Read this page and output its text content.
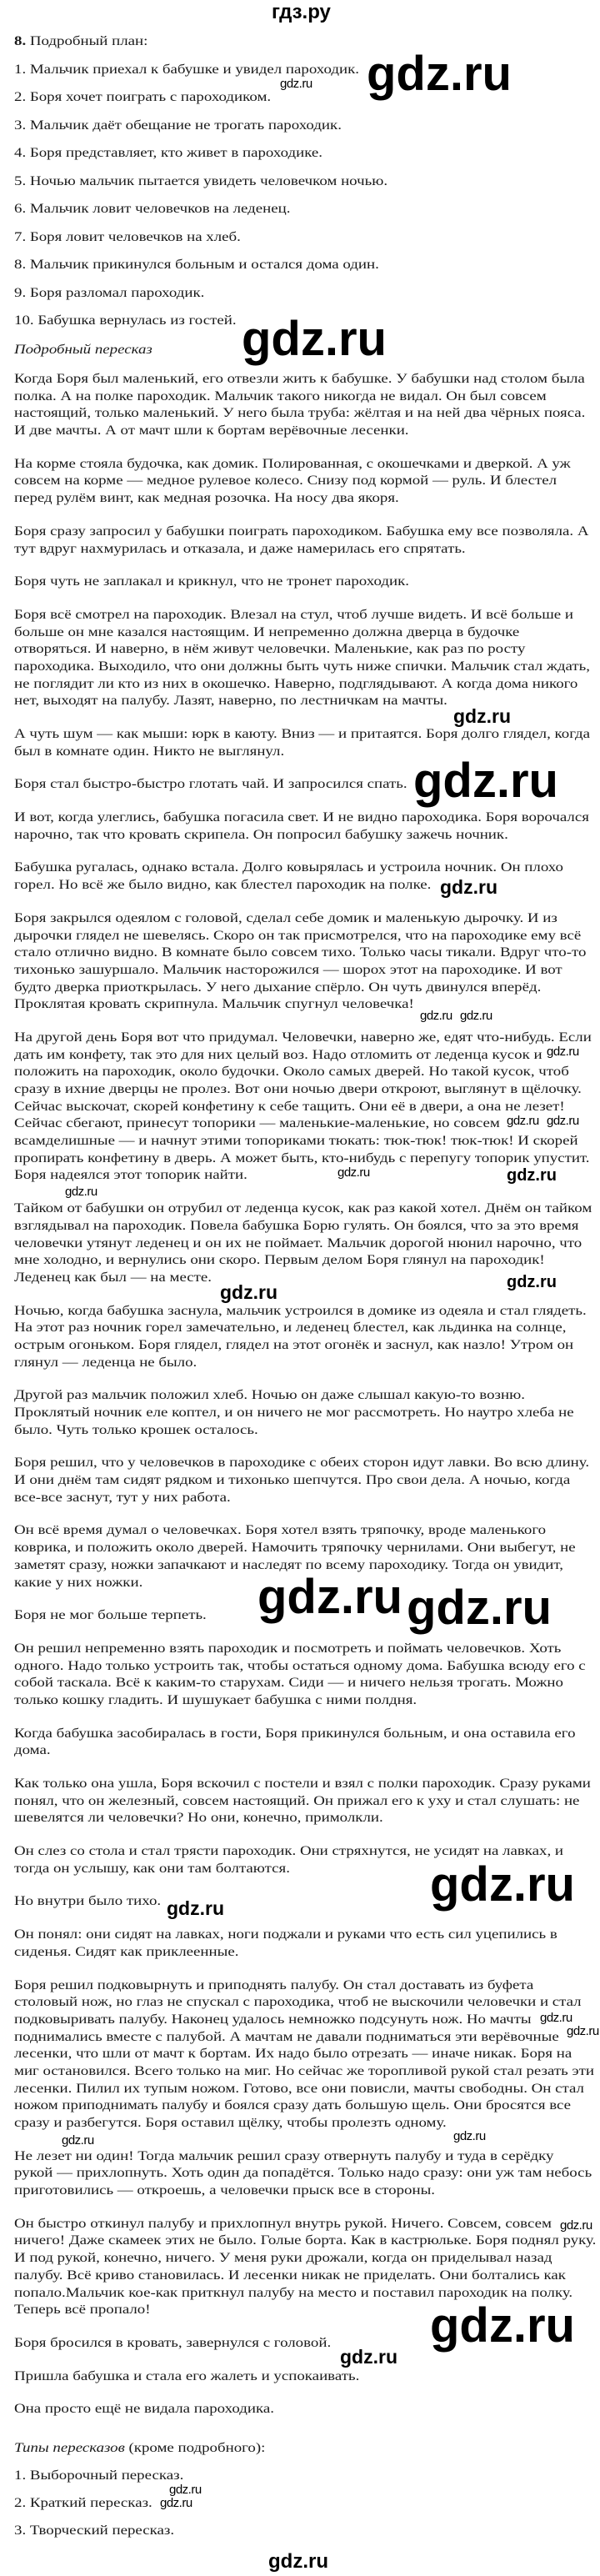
8. Подробный план:
1. Мальчик приехал к бабушке и увидел пароходик.
2. Боря хочет поиграть с пароходиком.
3. Мальчик даёт обещание не трогать пароходик.
4. Боря представляет, кто живет в пароходике.
5. Ночью мальчик пытается увидеть человечком ночью.
6. Мальчик ловит человечков на леденец.
7. Боря ловит человечков на хлеб.
8. Мальчик прикинулся больным и остался дома один.
9. Боря разломал пароходик.
10. Бабушка вернулась из гостей.
Подробный пересказ

Когда Боря был маленький, его отвезли жить к бабушке. У бабушки над столом была
полка. А на полке пароходик. Мальчик такого никогда не видал. Он был совсем
настоящий, только маленький. У него была труба: жёлтая и на ней два чёрных пояса.
И две мачты. А от мачт шли к бортам верёвочные лесенки.

На корме стояла будочка, как домик. Полированная, с окошечками и дверкой. А уж
совсем на корме — медное рулевое колесо. Снизу под кормой — руль. И блестел
перед рулём винт, как медная розочка. На носу два якоря.

Боря сразу запросил у бабушки поиграть пароходиком. Бабушка ему все позволяла. А
тут вдруг нахмурилась и отказала, и даже намерилась его спрятать.

Боря чуть не заплакал и крикнул, что не тронет пароходик.

Боря всё смотрел на пароходик. Влезал на стул, чтоб лучше видеть. И всё больше и
больше он мне казался настоящим. И непременно должна дверца в будочке
отворяться. И наверно, в нём живут человечки. Маленькие, как раз по росту
пароходика. Выходило, что они должны быть чуть ниже спички. Мальчик стал ждать,
не поглядит ли кто из них в окошечко. Наверно, подглядывают. А когда дома никого
нет, выходят на палубу. Лазят, наверно, по лестничкам на мачты.

А чуть шум — как мыши: юрк в каюту. Вниз — и притаятся. Боря долго глядел, когда
был в комнате один. Никто не выглянул.

Боря стал быстро-быстро глотать чай. И запросился спать.

И вот, когда улеглись, бабушка погасила свет. И не видно пароходика. Боря ворочался
нарочно, так что кровать скрипела. Он попросил бабушку зажечь ночник.

Бабушка ругалась, однако встала. Долго ковырялась и устроила ночник. Он плохо
горел. Но всё же было видно, как блестел пароходик на полке.

Боря закрылся одеялом с головой, сделал себе домик и маленькую дырочку. И из
дырочки глядел не шевелясь. Скоро он так присмотрелся, что на пароходике ему всё
стало отлично видно. В комнате было совсем тихо. Только часы тикали. Вдруг что-то
тихонько зашуршало. Мальчик насторожился — шорох этот на пароходике. И вот
будто дверка приоткрылась. У него дыхание спёрло. Он чуть двинулся вперёд.
Проклятая кровать скрипнула. Мальчик спугнул человечка!

На другой день Боря вот что придумал. Человечки, наверно же, едят что-нибудь. Если
дать им конфету, так это для них целый воз. Надо отломить от леденца кусок и
положить на пароходик, около будочки. Около самых дверей. Но такой кусок, чтоб
сразу в ихние дверцы не пролез. Вот они ночью двери откроют, выглянут в щёлочку.
Сейчас выскочат, скорей конфетину к себе тащить. Они её в двери, а она не лезет!
Сейчас сбегают, принесут топорики — маленькие-маленькие, но совсем
всамделишные — и начнут этими топориками тюкать: тюк-тюк! тюк-тюк! И скорей
пропирать конфетину в дверь. А может быть, кто-нибудь с перепугу топорик упустит.
Боря надеялся этот топорик найти.

Тайком от бабушки он отрубил от леденца кусок, как раз какой хотел. Днём он тайком
взглядывал на пароходик. Повела бабушка Борю гулять. Он боялся, что за это время
человечки утянут леденец и он их не поймает. Мальчик дорогой нюнил нарочно, что
мне холодно, и вернулись они скоро. Первым делом Боря глянул на пароходик!
Леденец как был — на месте.

Ночью, когда бабушка заснула, мальчик устроился в домике из одеяла и стал глядеть.
На этот раз ночник горел замечательно, и леденец блестел, как льдинка на солнце,
острым огоньком. Боря глядел, глядел на этот огонёк и заснул, как назло! Утром он
глянул — леденца не было.

Другой раз мальчик положил хлеб. Ночью он даже слышал какую-то возню.
Проклятый ночник еле коптел, и он ничего не мог рассмотреть. Но наутро хлеба не
было. Чуть только крошек осталось.

Боря решил, что у человечков в пароходике с обеих сторон идут лавки. Во всю длину.
И они днём там сидят рядком и тихонько шепчутся. Про свои дела. А ночью, когда
все-все заснут, тут у них работа.

Он всё время думал о человечках. Боря хотел взять тряпочку, вроде маленького
коврика, и положить около дверей. Намочить тряпочку чернилами. Они выбегут, не
заметят сразу, ножки запачкают и наследят по всему пароходику. Тогда он увидит,
какие у них ножки.

Боря не мог больше терпеть.

Он решил непременно взять пароходик и посмотреть и поймать человечков. Хоть
одного. Надо только устроить так, чтобы остаться одному дома. Бабушка всюду его с
собой таскала. Всё к каким-то старухам. Сиди — и ничего нельзя трогать. Можно
только кошку гладить. И шушукает бабушка с ними полдня.

Когда бабушка засобиралась в гости, Боря прикинулся больным, и она оставила его
дома.

Как только она ушла, Боря вскочил с постели и взял с полки пароходик. Сразу руками
понял, что он железный, совсем настоящий. Он прижал его к уху и стал слушать: не
шевелятся ли человечки? Но они, конечно, примолкли.

Он слез со стола и стал трясти пароходик. Они стряхнутся, не усидят на лавках, и
тогда он услышу, как они там болтаются.

Но внутри было тихо.

Он понял: они сидят на лавках, ноги поджали и руками что есть сил уцепились в
сиденья. Сидят как приклеенные.

Боря решил подковырнуть и приподнять палубу. Он стал доставать из буфета
столовый нож, но глаз не спускал с пароходика, чтоб не выскочили человечки и стал
подковыривать палубу. Наконец удалось немножко подсунуть нож. Но мачты
поднимались вместе с палубой. А мачтам не давали подниматься эти верёвочные
лесенки, что шли от мачт к бортам. Их надо было отрезать — иначе никак. Боря на
миг остановился. Всего только на миг. Но сейчас же торопливой рукой стал резать эти
лесенки. Пилил их тупым ножом. Готово, все они повисли, мачты свободны. Он стал
ножом приподнимать палубу и боялся сразу дать большую щель. Они бросятся все
сразу и разбегутся. Боря оставил щёлку, чтобы пролезть одному.

Не лезет ни один! Тогда мальчик решил сразу отвернуть палубу и туда в серёдку
рукой — прихлопнуть. Хоть один да попадётся. Только надо сразу: они уж там небось
приготовились — откроешь, а человечки прыск все в стороны.

Он быстро откинул палубу и прихлопнул внутрь рукой. Ничего. Совсем, совсем
ничего! Даже скамеек этих не было. Голые борта. Как в кастрюльке. Боря поднял руку.
И под рукой, конечно, ничего. У меня руки дрожали, когда он приделывал назад
палубу. Всё криво становилась. И лесенки никак не приделать. Они болтались как
попало.Мальчик кое-как приткнул палубу на место и поставил пароходик на полку.
Теперь всё пропало!

Боря бросился в кровать, завернулся с головой.

Пришла бабушка и стала его жалеть и успокаивать.

Она просто ещё не видала пароходика.

Типы пересказов (кроме подробного):
1. Выборочный пересказ.
2. Краткий пересказ.
3. Творческий пересказ.
гдз.ру
gdz.ru
gdz.ru
gdz.ru
gdz.ru
gdz.ru
gdz.ru
gdz.ru gdz.ru
gdz.ru
gdz.ru gdz.ru
gdz.ru	gdz.ru
gdz.ru
gdz.ru
gdz.ru
gdz.ru
gdz.ru
gdz.ru
gdz.ru
gdz.ru
gdz.ru
gdz.ru	gdz.ru
gdz.ru
gdz.ru
gdz.ru
gdz.ru
gdz.ru
gdz.ru
